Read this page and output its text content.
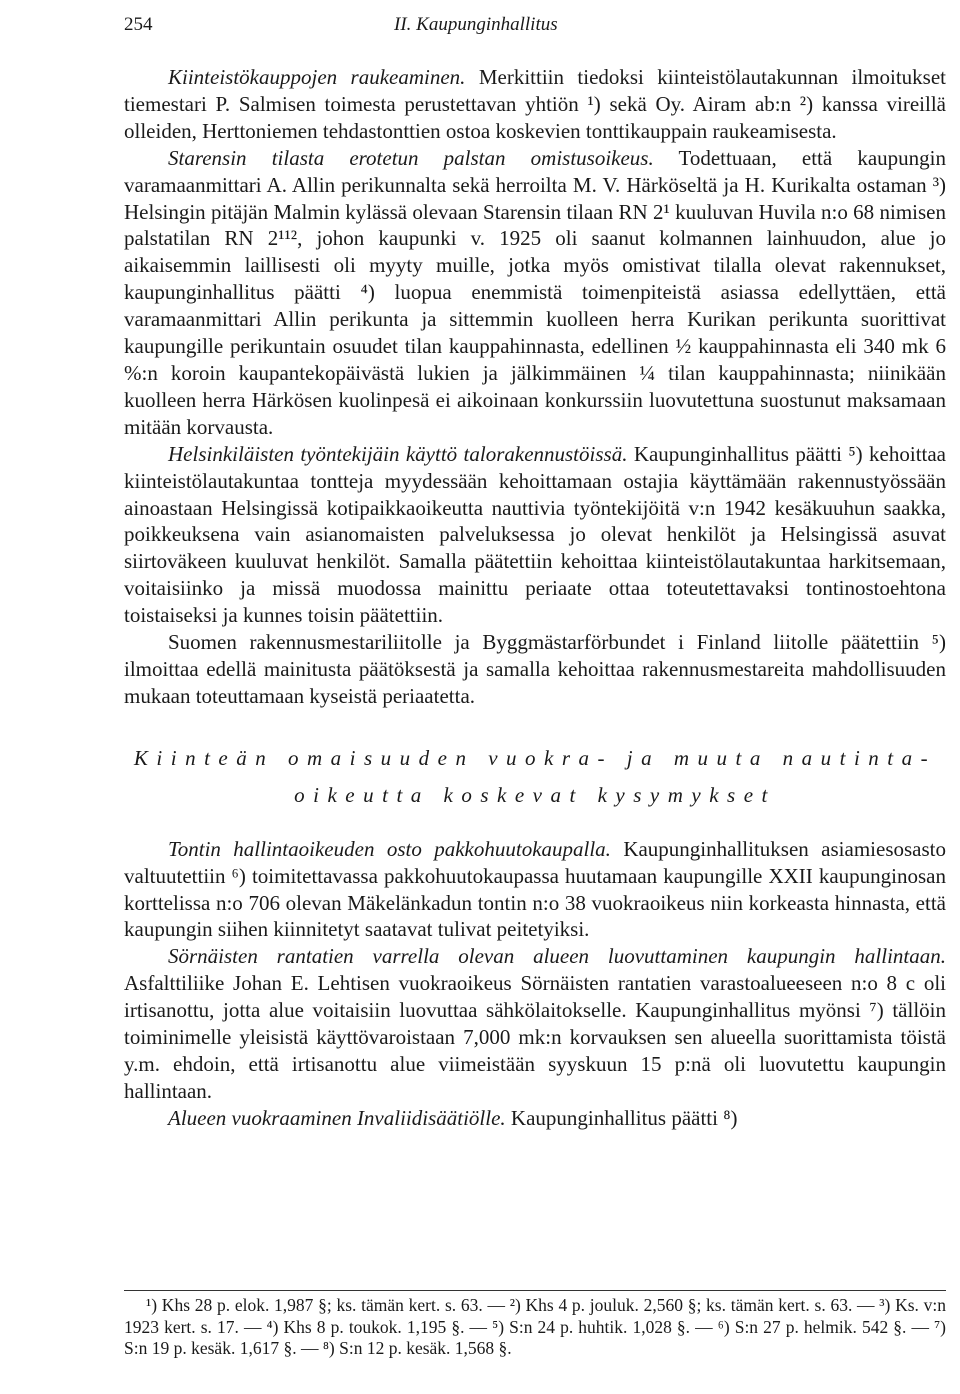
254	II. Kaupunginhallitus

Kiinteistökauppojen raukeaminen. Merkittiin tiedoksi kiinteistölautakunnan ilmoitukset tiemestari P. Salmisen toimesta perustettavan yhtiön ¹) sekä Oy. Airam ab:n ²) kanssa vireillä olleiden, Herttoniemen tehdastonttien ostoa koskevien tonttikauppain raukeamisesta.

Starensin tilasta erotetun palstan omistusoikeus. Todettuaan, että kaupungin varamaanmittari A. Allin perikunnalta sekä herroilta M. V. Härköseltä ja H. Kurikalta ostaman ³) Helsingin pitäjän Malmin kylässä olevaan Starensin tilaan RN 2¹ kuuluvan Huvila n:o 68 nimisen palstatilan RN 2¹¹², johon kaupunki v. 1925 oli saanut kolmannen lainhuudon, alue jo aikaisemmin laillisesti oli myyty muille, jotka myös omistivat tilalla olevat rakennukset, kaupunginhallitus päätti ⁴) luopua enemmistä toimenpiteistä asiassa edellyttäen, että varamaanmittari Allin perikunta ja sittemmin kuolleen herra Kurikan perikunta suorittivat kaupungille perikuntain osuudet tilan kauppahinnasta, edellinen ½ kauppahinnasta eli 340 mk 6 %:n koroin kaupantekopäivästä lukien ja jälkimmäinen ¼ tilan kauppahinnasta; niinikään kuolleen herra Härkösen kuolinpesä ei aikoinaan konkurssiin luovutettuna suostunut maksamaan mitään korvausta.

Helsinkiläisten työntekijäin käyttö talorakennustöissä. Kaupunginhallitus päätti ⁵) kehoittaa kiinteistölautakuntaa tontteja myydessään kehoittamaan ostajia käyttämään rakennustyössään ainoastaan Helsingissä kotipaikkaoikeutta nauttivia työntekijöitä v:n 1942 kesäkuuhun saakka, poikkeuksena vain asianomaisten palveluksessa jo olevat henkilöt ja Helsingissä asuvat siirtoväkeen kuuluvat henkilöt. Samalla päätettiin kehoittaa kiinteistölautakuntaa harkitsemaan, voitaisiinko ja missä muodossa mainittu periaate ottaa toteutettavaksi tontinostoehtona toistaiseksi ja kunnes toisin päätettiin.

Suomen rakennusmestariliitolle ja Byggmästarförbundet i Finland liitolle päätettiin ⁵) ilmoittaa edellä mainitusta päätöksestä ja samalla kehoittaa rakennusmestareita mahdollisuuden mukaan toteuttamaan kyseistä periaatetta.

Kiinteän omaisuuden vuokra- ja muuta nautinta-
oikeutta koskevat kysymykset

Tontin hallintaoikeuden osto pakkohuutokaupalla. Kaupunginhallituksen asiamiesosasto valtuutettiin ⁶) toimitettavassa pakkohuutokaupassa huutamaan kaupungille XXII kaupunginosan korttelissa n:o 706 olevan Mäkelänkadun tontin n:o 38 vuokraoikeus niin korkeasta hinnasta, että kaupungin siihen kiinnitetyt saatavat tulivat peitetyiksi.

Sörnäisten rantatien varrella olevan alueen luovuttaminen kaupungin hallintaan. Asfalttiliike Johan E. Lehtisen vuokraoikeus Sörnäisten rantatien varastoalueeseen n:o 8 c oli irtisanottu, jotta alue voitaisiin luovuttaa sähkölaitokselle. Kaupunginhallitus myönsi ⁷) tällöin toiminimelle yleisistä käyttövaroistaan 7,000 mk:n korvauksen sen alueella suorittamista töistä y.m. ehdoin, että irtisanottu alue viimeistään syyskuun 15 p:nä oli luovutettu kaupungin hallintaan.

Alueen vuokraaminen Invaliidisäätiölle. Kaupunginhallitus päätti ⁸)

¹) Khs 28 p. elok. 1,987 §; ks. tämän kert. s. 63. — ²) Khs 4 p. jouluk. 2,560 §; ks. tämän kert. s. 63. — ³) Ks. v:n 1923 kert. s. 17. — ⁴) Khs 8 p. toukok. 1,195 §. — ⁵) S:n 24 p. huhtik. 1,028 §. — ⁶) S:n 27 p. helmik. 542 §. — ⁷) S:n 19 p. kesäk. 1,617 §. — ⁸) S:n 12 p. kesäk. 1,568 §.
